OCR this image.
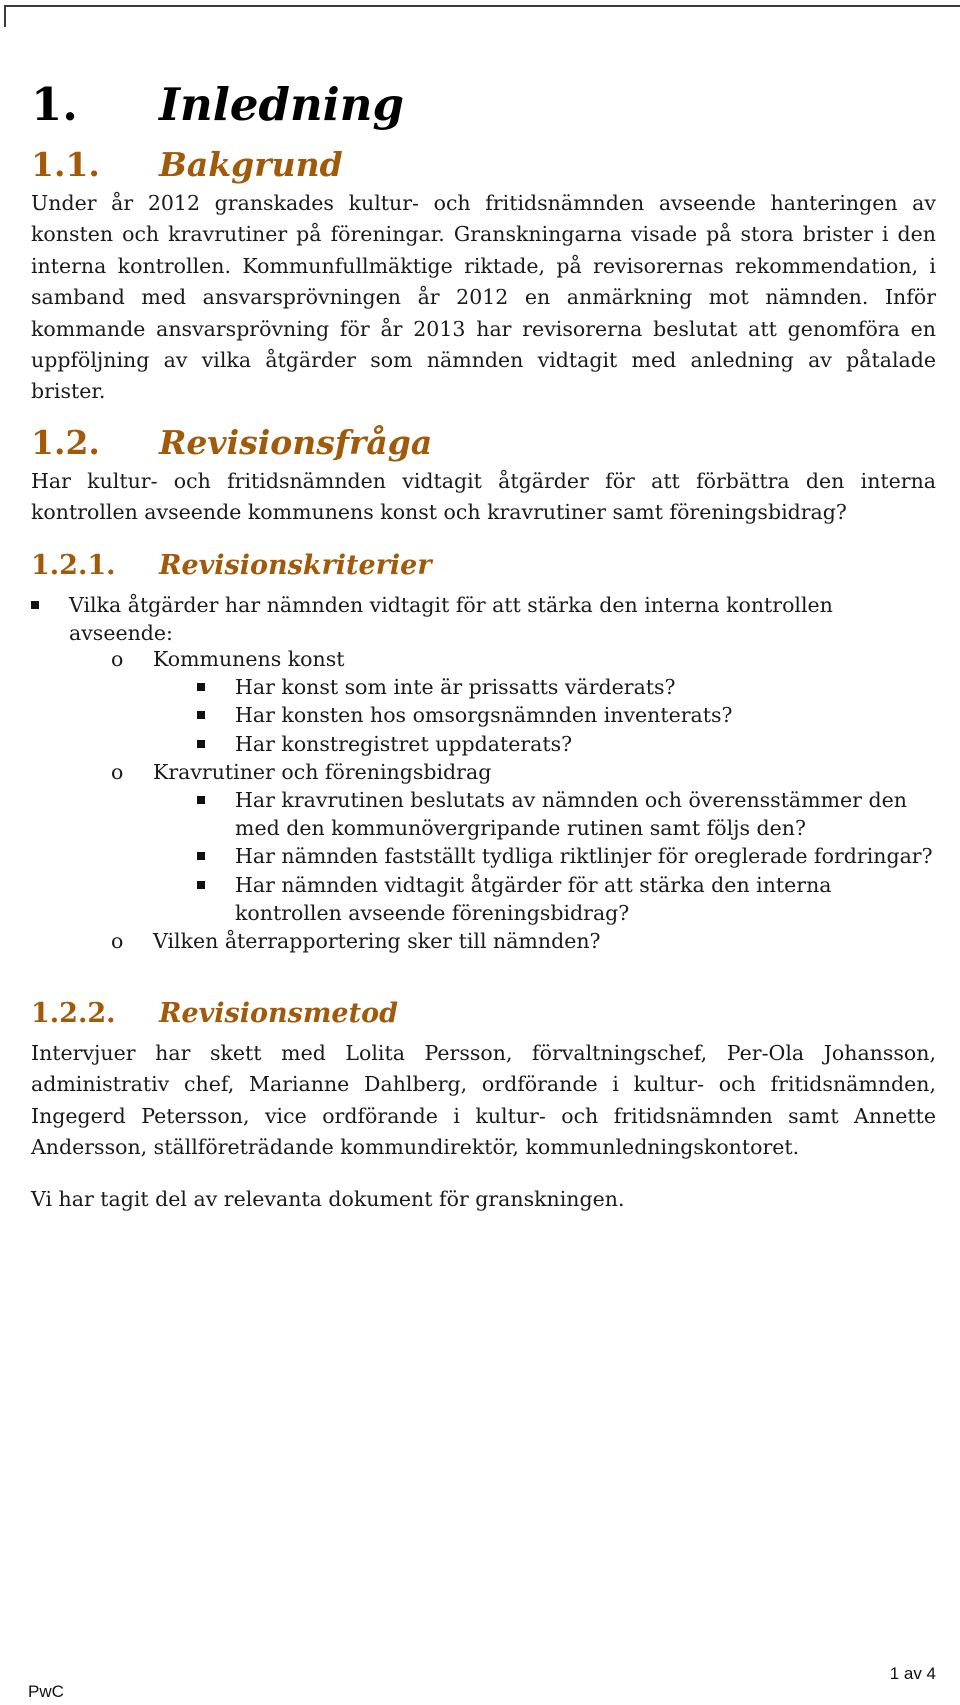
1. Inledning
1.1. Bakgrund

Under år 2012 granskades kultur- och fritidsnämnden avseende hanteringen av konsten och kravrutiner på föreningar. Granskningarna visade på stora brister i den interna kontrollen. Kommunfullmäktige riktade, på revisorernas rekommendation, i samband med ansvarsprövningen år 2012 en anmärkning mot nämnden. Inför kommande ansvarsprövning för år 2013 har revisorerna beslutat att genomföra en uppföljning av vilka åtgärder som nämnden vidtagit med anledning av påtalade brister.

1.2. Revisionsfråga

Har kultur- och fritidsnämnden vidtagit åtgärder för att förbättra den interna kontrollen avseende kommunens konst och kravrutiner samt föreningsbidrag?

1.2.1. Revisionskriterier
o Kommunens konst
Har konst som inte är prissatts värderats?
Har konsten hos omsorgsnämnden inventerats?
Har konstregistret uppdaterats?
o Kravrutiner och föreningsbidrag
Har kravrutinen beslutats av nämnden och överensstämmer den med den kommunövergripande rutinen samt följs den?
Har nämnden fastställt tydliga riktlinjer för oreglerade fordringar?
Har nämnden vidtagit åtgärder för att stärka den interna kontrollen avseende föreningsbidrag?
o Vilken återrapportering sker till nämnden?
Vilka åtgärder har nämnden vidtagit för att stärka den interna kontrollen avseende:
1.2.2. Revisionsmetod

Intervjuer har skett med Lolita Persson, förvaltningschef, Per-Ola Johansson, administrativ chef, Marianne Dahlberg, ordförande i kultur- och fritidsnämnden, Ingegerd Petersson, vice ordförande i kultur- och fritidsnämnden samt Annette Andersson, ställföreträdande kommundirektör, kommunledningskontoret.

Vi har tagit del av relevanta dokument för granskningen.

1 av 4
PwC
